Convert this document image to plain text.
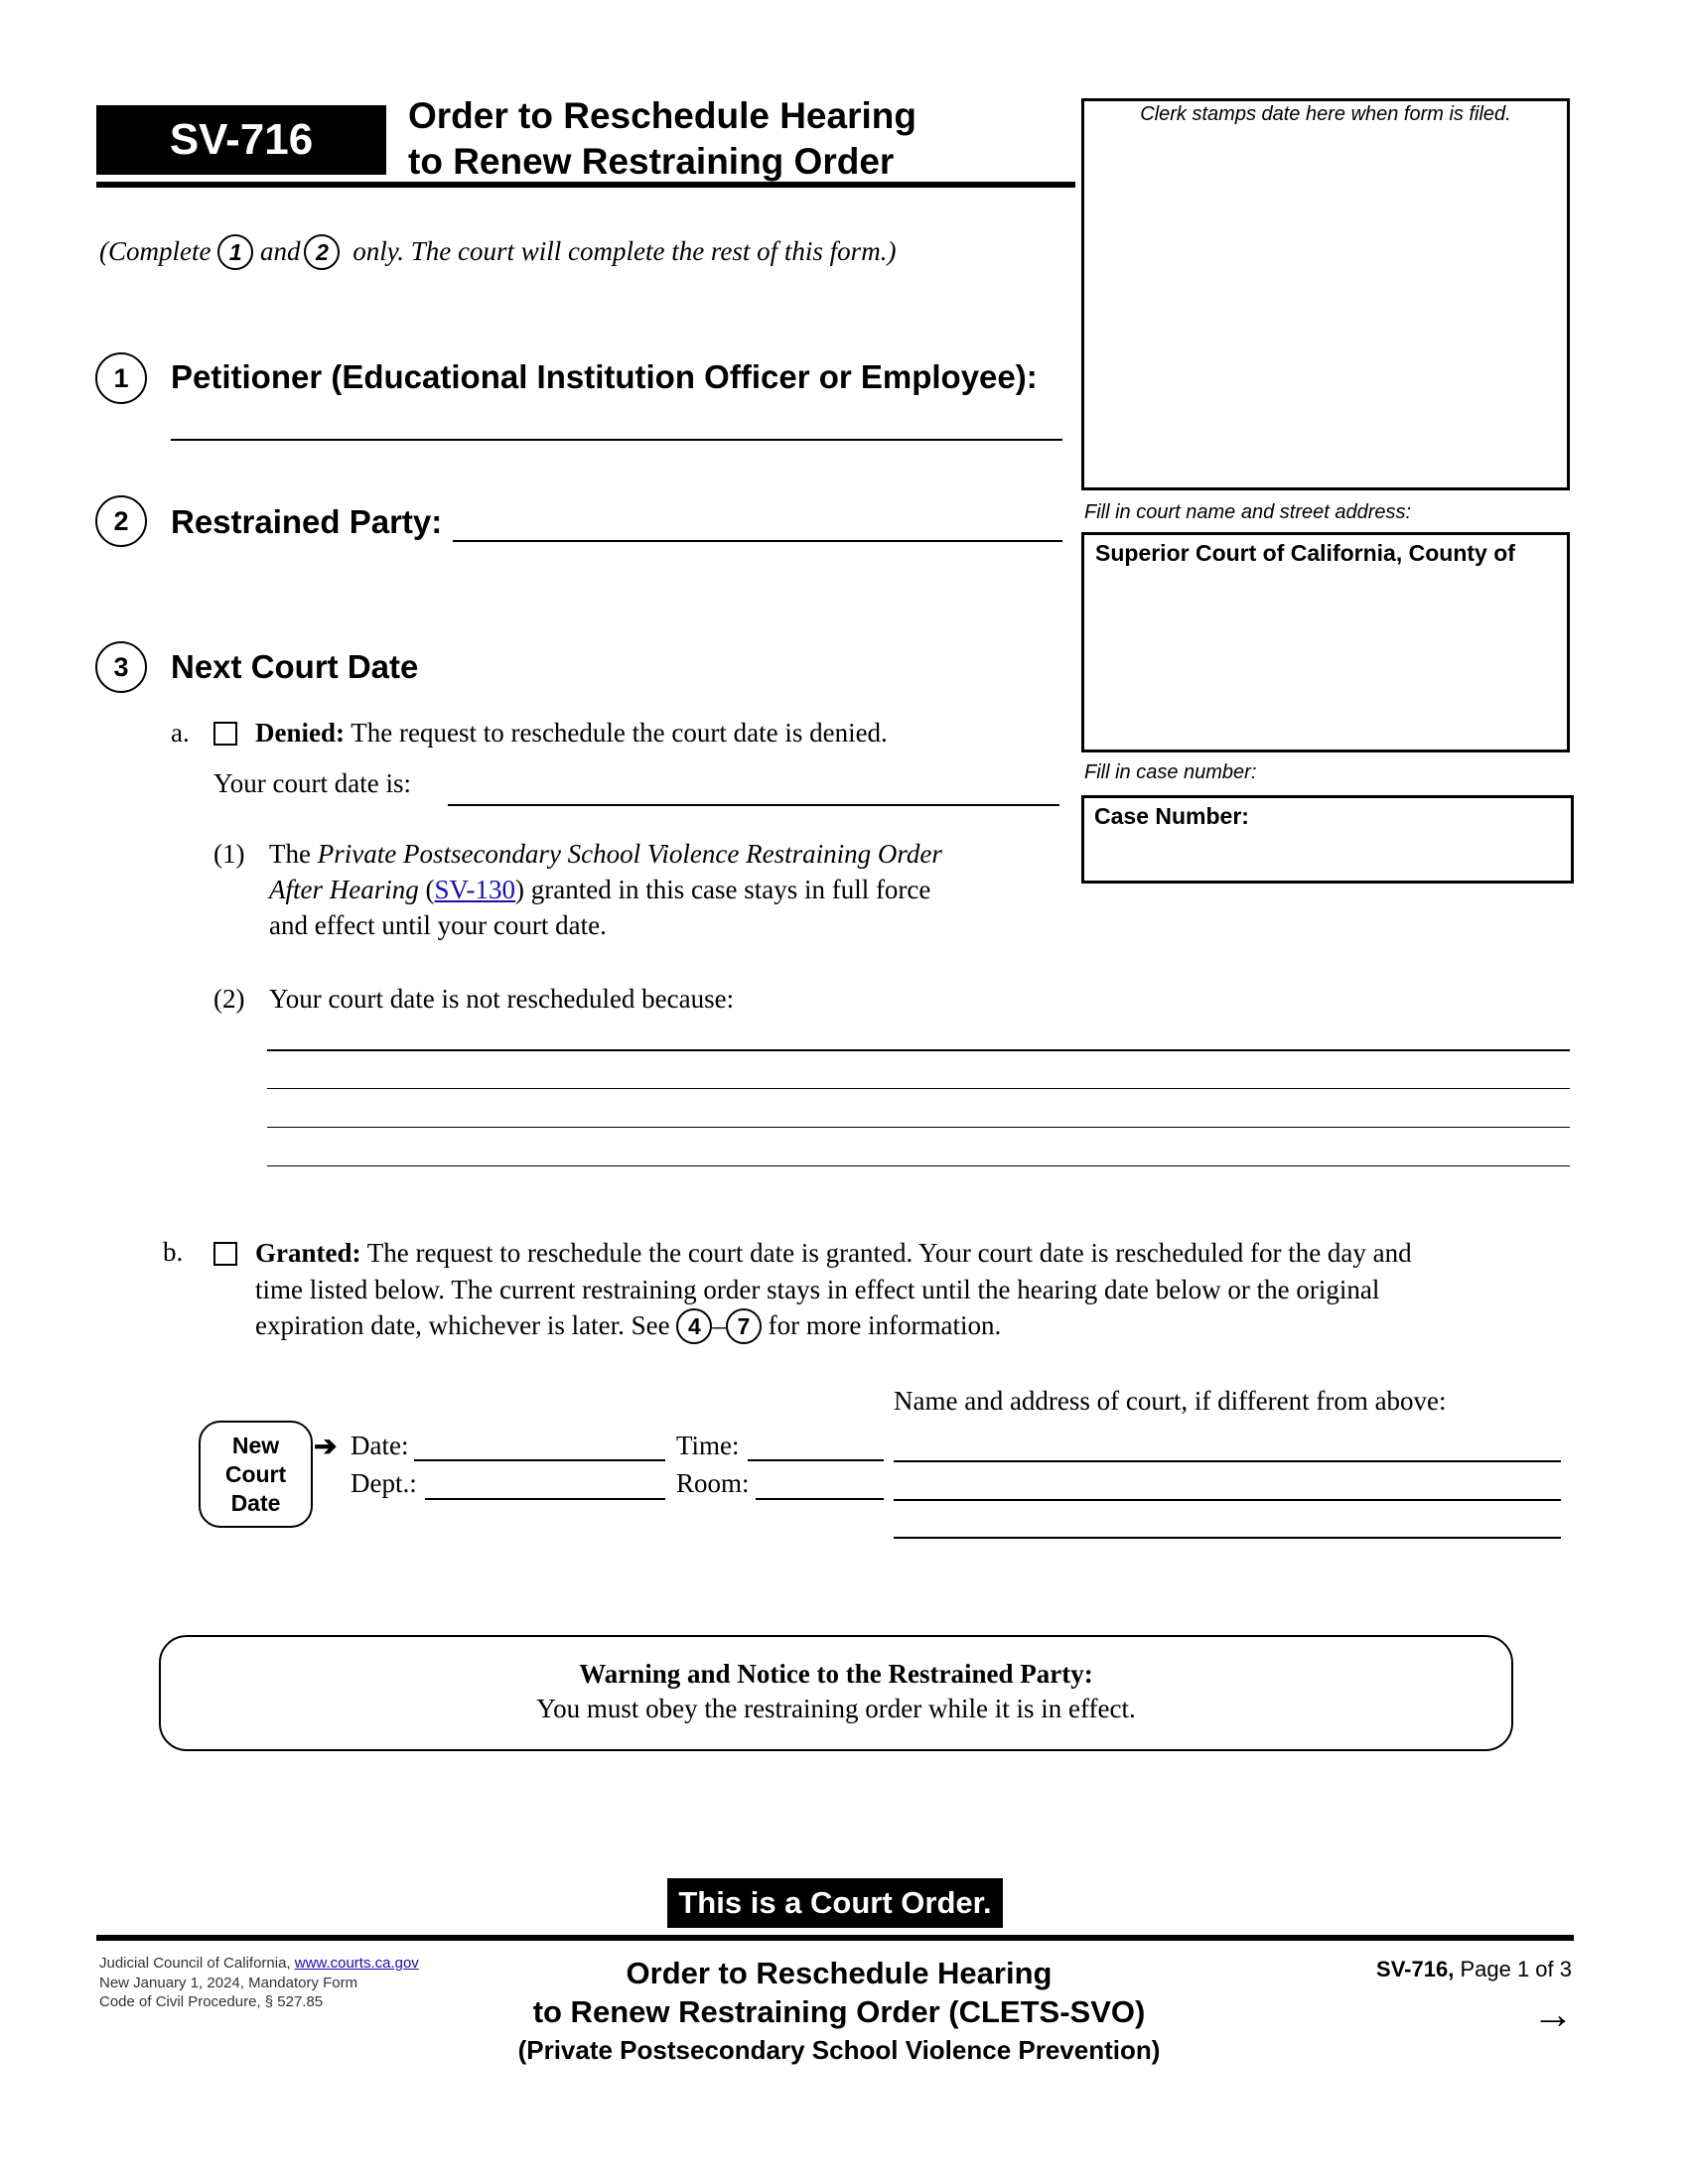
SV-716	Order to Reschedule Hearing
to Renew Restraining Order
Clerk stamps date here when form is filed.
Fill in court name and street address:
Superior Court of California, County of
Fill in case number:
Case Number:
(Complete 1 and 2 only. The court will complete the rest of this form.)
1	Petitioner (Educational Institution Officer or Employee):
2	Restrained Party:
3	Next Court Date
a. Denied: The request to reschedule the court date is denied.
Your court date is:
(1) The Private Postsecondary School Violence Restraining Order
After Hearing (SV-130) granted in this case stays in full force
and effect until your court date.
(2) Your court date is not rescheduled because:
b.	Granted: The request to reschedule the court date is granted. Your court date is rescheduled for the day and
time listed below. The current restraining order stays in effect until the hearing date below or the original
expiration date, whichever is later. See 4 – 7 for more information.
Name and address of court, if different from above:
New
Court
Date
➔ Date:	Time:
Dept.:	Room:
Warning and Notice to the Restrained Party:
You must obey the restraining order while it is in effect.
This is a Court Order.
Judicial Council of California, www.courts.ca.gov
New January 1, 2024, Mandatory Form
Code of Civil Procedure, § 527.85
Order to Reschedule Hearing
to Renew Restraining Order (CLETS-SVO)
(Private Postsecondary School Violence Prevention)
SV-716, Page 1 of 3
→
